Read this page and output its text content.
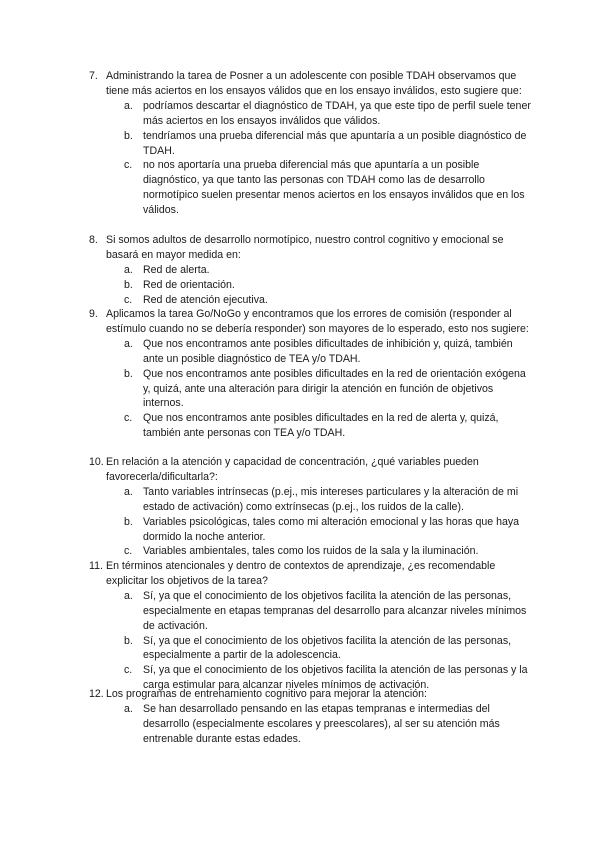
7. Administrando la tarea de Posner a un adolescente con posible TDAH observamos que tiene más aciertos en los ensayos válidos que en los ensayo inválidos, esto sugiere que:
a. podríamos descartar el diagnóstico de TDAH, ya que este tipo de perfil suele tener más aciertos en los ensayos inválidos que válidos.
b. tendríamos una prueba diferencial más que apuntaría a un posible diagnóstico de TDAH.
c. no nos aportaría una prueba diferencial más que apuntaría a un posible diagnóstico, ya que tanto las personas con TDAH como las de desarrollo normotípico suelen presentar menos aciertos en los ensayos inválidos que en los válidos.
8. Si somos adultos de desarrollo normotípico, nuestro control cognitivo y emocional se basará en mayor medida en:
a. Red de alerta.
b. Red de orientación.
c. Red de atención ejecutiva.
9. Aplicamos la tarea Go/NoGo y encontramos que los errores de comisión (responder al estímulo cuando no se debería responder) son mayores de lo esperado, esto nos sugiere:
a. Que nos encontramos ante posibles dificultades de inhibición y, quizá, también ante un posible diagnóstico de TEA y/o TDAH.
b. Que nos encontramos ante posibles dificultades en la red de orientación exógena y, quizá, ante una alteración para dirigir la atención en función de objetivos internos.
c. Que nos encontramos ante posibles dificultades en la red de alerta y, quizá, también ante personas con TEA y/o TDAH.
10. En relación a la atención y capacidad de concentración, ¿qué variables pueden favorecerla/dificultarla?:
a. Tanto variables intrínsecas (p.ej., mis intereses particulares y la alteración de mi estado de activación) como extrínsecas (p.ej., los ruidos de la calle).
b. Variables psicológicas, tales como mi alteración emocional y las horas que haya dormido la noche anterior.
c. Variables ambientales, tales como los ruidos de la sala y la iluminación.
11. En términos atencionales y dentro de contextos de aprendizaje, ¿es recomendable explicitar los objetivos de la tarea?
a. Sí, ya que el conocimiento de los objetivos facilita la atención de las personas, especialmente en etapas tempranas del desarrollo para alcanzar niveles mínimos de activación.
b. Sí, ya que el conocimiento de los objetivos facilita la atención de las personas, especialmente a partir de la adolescencia.
c. Sí, ya que el conocimiento de los objetivos facilita la atención de las personas y la carga estimular para alcanzar niveles mínimos de activación.
12. Los programas de entrenamiento cognitivo para mejorar la atención:
a. Se han desarrollado pensando en las etapas tempranas e intermedias del desarrollo (especialmente escolares y preescolares), al ser su atención más entrenable durante estas edades.
